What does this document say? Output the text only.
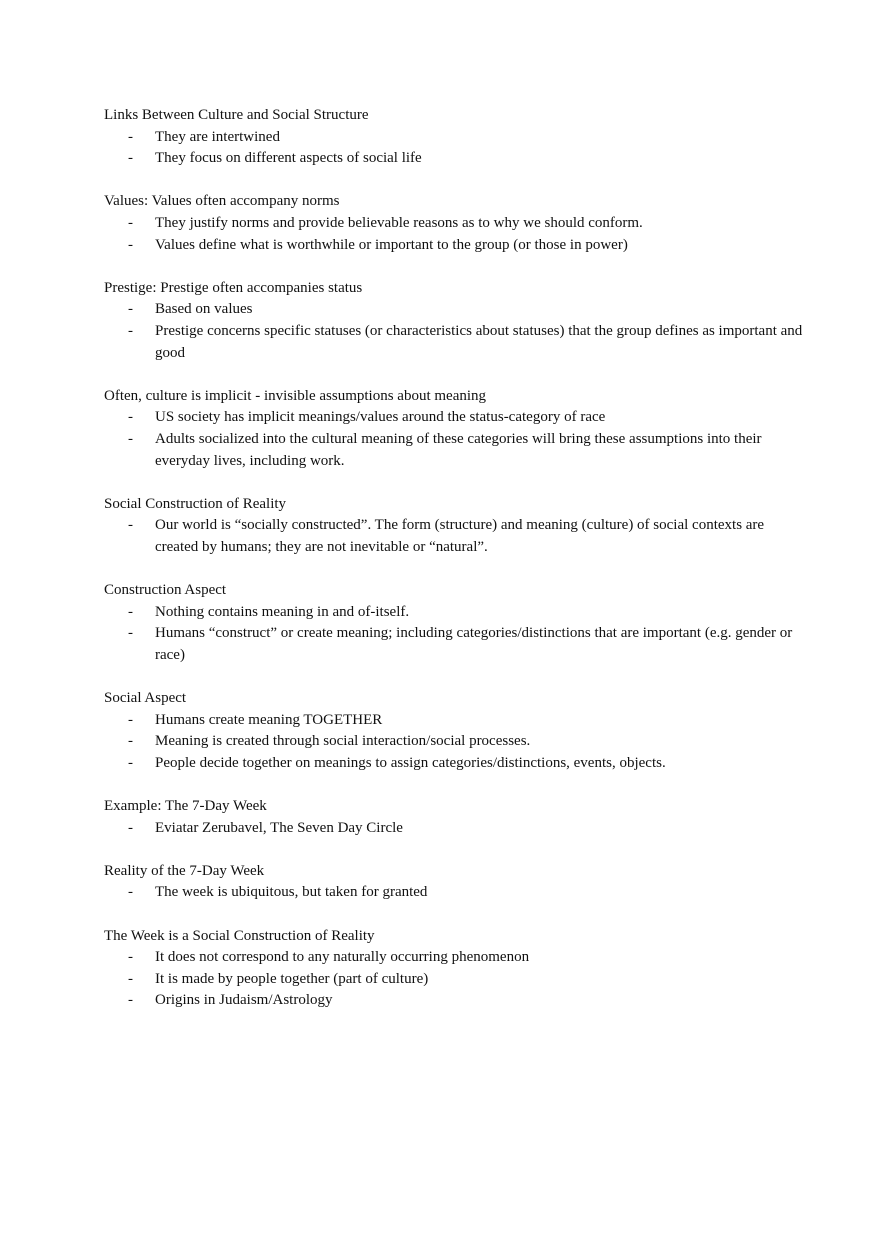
Links Between Culture and Social Structure

- They are intertwined
- They focus on different aspects of social life

Values: Values often accompany norms

- They justify norms and provide believable reasons as to why we should conform.
- Values define what is worthwhile or important to the group (or those in power)

Prestige: Prestige often accompanies status

- Based on values
- Prestige concerns specific statuses (or characteristics about statuses) that the group defines as important and good

Often, culture is implicit - invisible assumptions about meaning

- US society has implicit meanings/values around the status-category of race
- Adults socialized into the cultural meaning of these categories will bring these assumptions into their everyday lives, including work.

Social Construction of Reality

- Our world is “socially constructed”. The form (structure) and meaning (culture) of social contexts are created by humans; they are not inevitable or “natural”.

Construction Aspect

- Nothing contains meaning in and of-itself.
- Humans “construct” or create meaning; including categories/distinctions that are important (e.g. gender or race)

Social Aspect

- Humans create meaning TOGETHER
- Meaning is created through social interaction/social processes.
- People decide together on meanings to assign categories/distinctions, events, objects.

Example: The 7-Day Week

- Eviatar Zerubavel, The Seven Day Circle

Reality of the 7-Day Week

- The week is ubiquitous, but taken for granted

The Week is a Social Construction of Reality

- It does not correspond to any naturally occurring phenomenon
- It is made by people together (part of culture)
- Origins in Judaism/Astrology
